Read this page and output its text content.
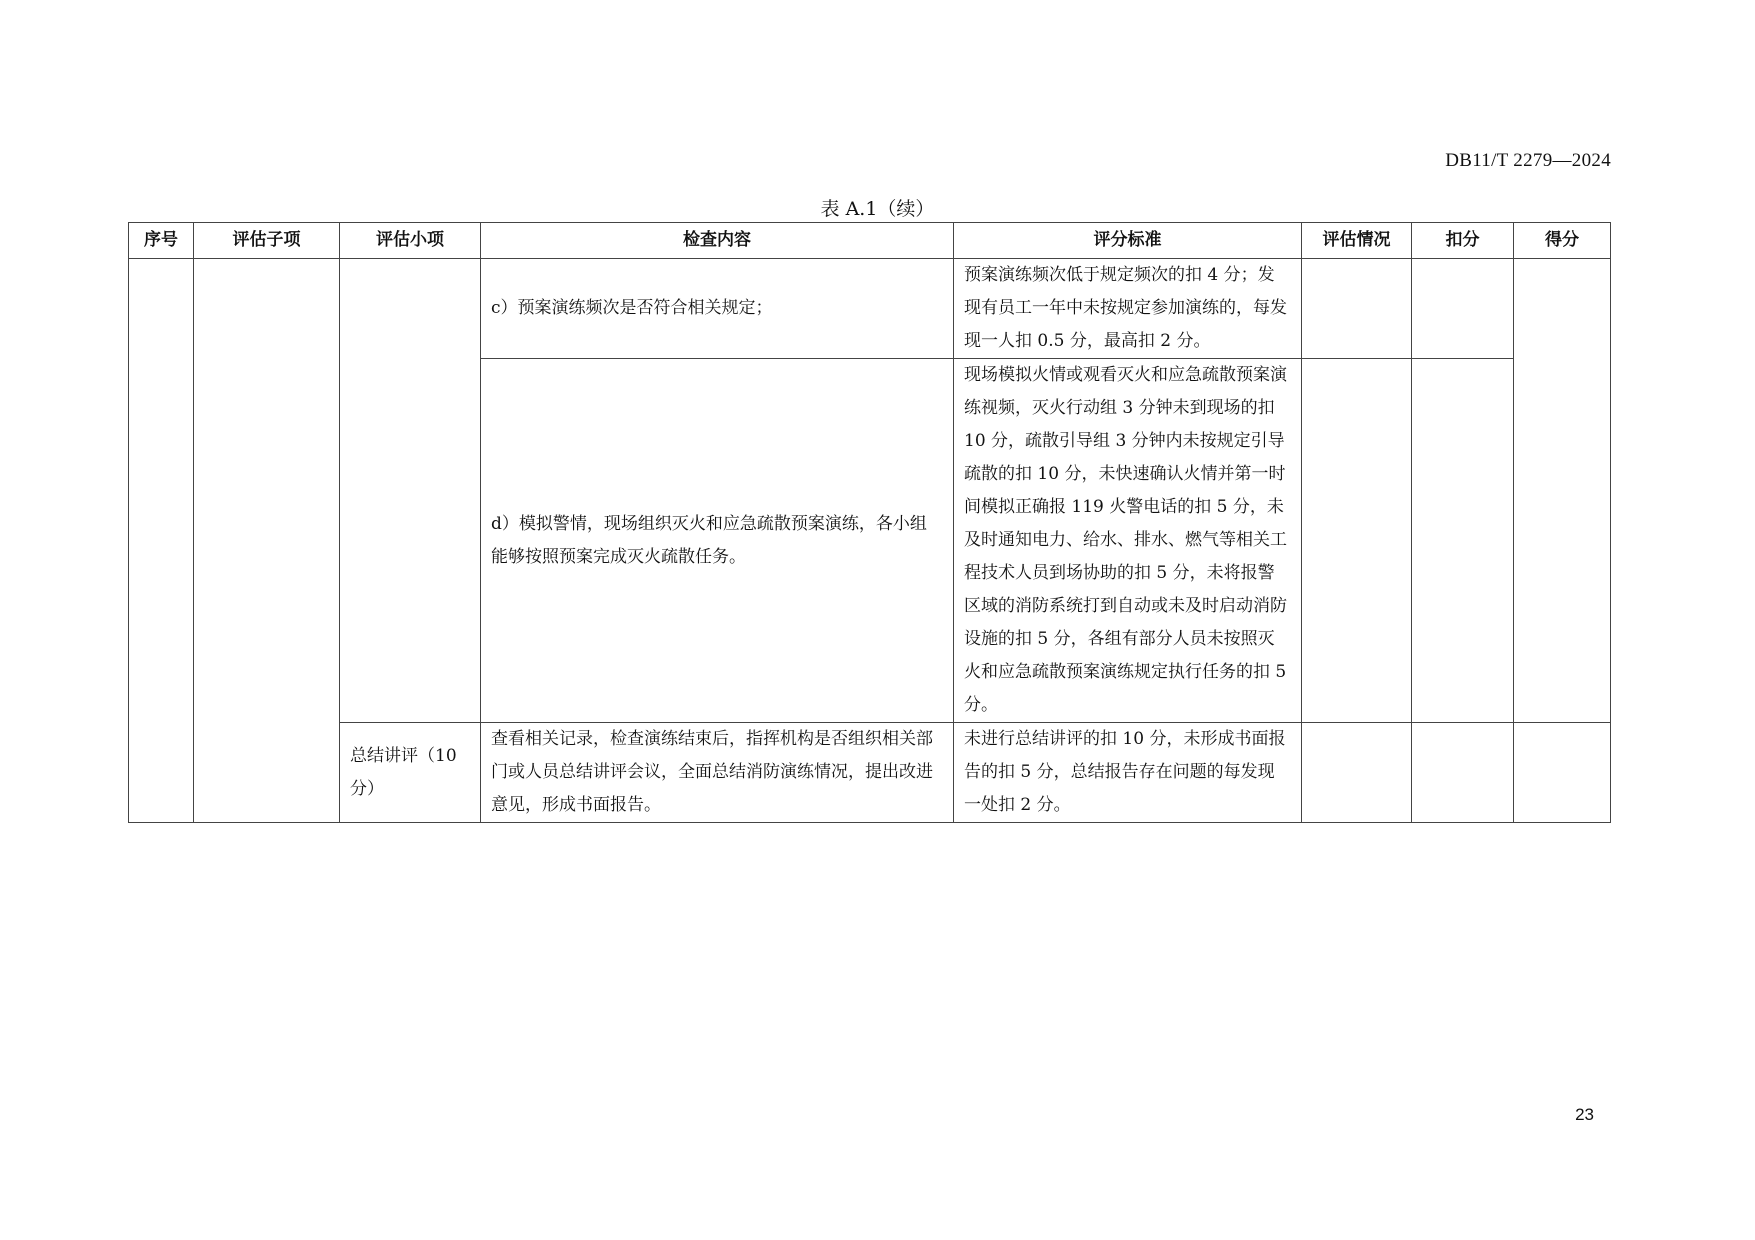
DB11/T 2279—2024
表 A.1（续）
序号	评估子项	评估小项	检查内容	评分标准	评估情况	扣分	得分
			c）预案演练频次是否符合相关规定；	预案演练频次低于规定频次的扣 4 分；发现有员工一年中未按规定参加演练的，每发现一人扣 0.5 分，最高扣 2 分。			
			d）模拟警情，现场组织灭火和应急疏散预案演练，各小组能够按照预案完成灭火疏散任务。	现场模拟火情或观看灭火和应急疏散预案演练视频，灭火行动组 3 分钟未到现场的扣 10 分，疏散引导组 3 分钟内未按规定引导疏散的扣 10 分，未快速确认火情并第一时间模拟正确报 119 火警电话的扣 5 分，未及时通知电力、给水、排水、燃气等相关工程技术人员到场协助的扣 5 分，未将报警区域的消防系统打到自动或未及时启动消防设施的扣 5 分，各组有部分人员未按照灭火和应急疏散预案演练规定执行任务的扣 5 分。			
		总结讲评（10 分）	查看相关记录，检查演练结束后，指挥机构是否组织相关部门或人员总结讲评会议，全面总结消防演练情况，提出改进意见，形成书面报告。	未进行总结讲评的扣 10 分，未形成书面报告的扣 5 分，总结报告存在问题的每发现一处扣 2 分。			
23
